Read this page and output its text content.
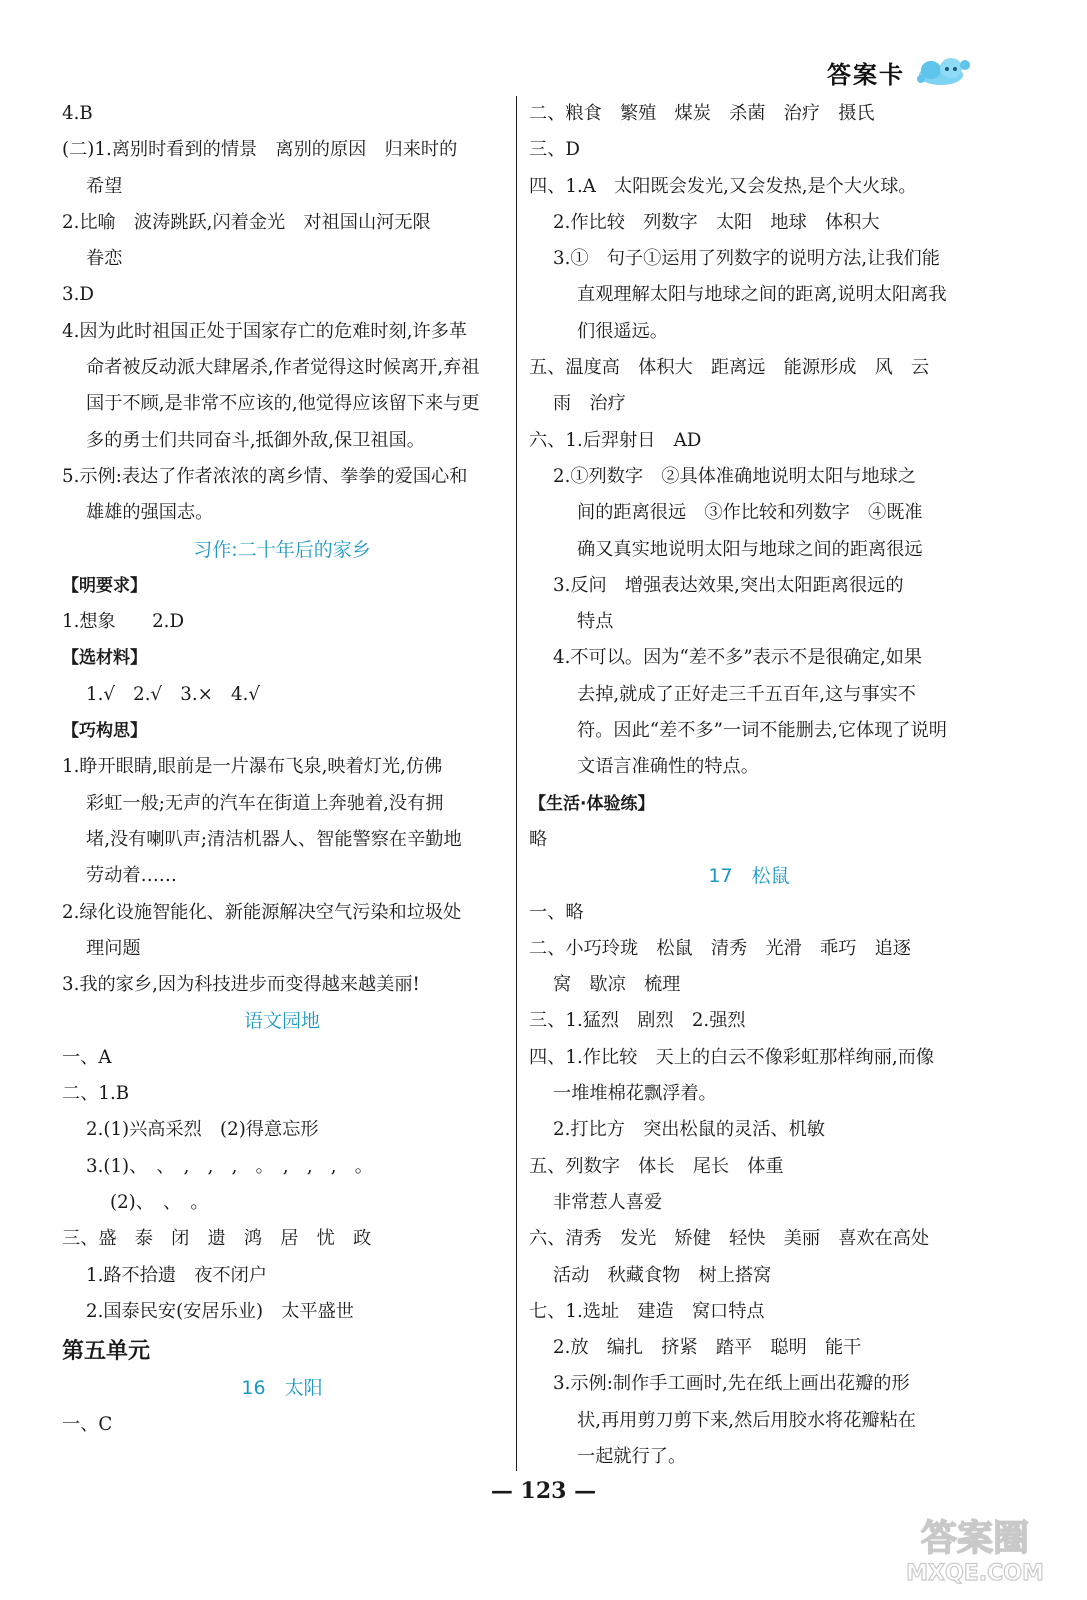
答案卡
4.B
(二)1.离别时看到的情景　离别的原因　归来时的
希望
2.比喻　波涛跳跃,闪着金光　对祖国山河无限
眷恋
3.D
4.因为此时祖国正处于国家存亡的危难时刻,许多革
命者被反动派大肆屠杀,作者觉得这时候离开,弃祖
国于不顾,是非常不应该的,他觉得应该留下来与更
多的勇士们共同奋斗,抵御外敌,保卫祖国。
5.示例:表达了作者浓浓的离乡情、拳拳的爱国心和
雄雄的强国志。
习作:二十年后的家乡
【明要求】
1.想象　　2.D
【选材料】
1.√　2.√　3.×　4.√
【巧构思】
1.睁开眼睛,眼前是一片瀑布飞泉,映着灯光,仿佛
彩虹一般;无声的汽车在街道上奔驰着,没有拥
堵,没有喇叭声;清洁机器人、智能警察在辛勤地
劳动着……
2.绿化设施智能化、新能源解决空气污染和垃圾处
理问题
3.我的家乡,因为科技进步而变得越来越美丽!
语文园地
一、A
二、1.B
2.(1)兴高采烈　(2)得意忘形
3.(1)、　、　,　,　,　。　,　,　,　。
(2)、　、　。
三、盛　泰　闭　遗　鸿　居　忧　政
1.路不拾遗　夜不闭户
2.国泰民安(安居乐业)　太平盛世
第五单元
16　太阳
一、C
二、粮食　繁殖　煤炭　杀菌　治疗　摄氏
三、D
四、1.A　太阳既会发光,又会发热,是个大火球。
2.作比较　列数字　太阳　地球　体积大
3.①　句子①运用了列数字的说明方法,让我们能
直观理解太阳与地球之间的距离,说明太阳离我
们很遥远。
五、温度高　体积大　距离远　能源形成　风　云
雨　治疗
六、1.后羿射日　AD
2.①列数字　②具体准确地说明太阳与地球之
间的距离很远　③作比较和列数字　④既准
确又真实地说明太阳与地球之间的距离很远
3.反问　增强表达效果,突出太阳距离很远的
特点
4.不可以。因为“差不多”表示不是很确定,如果
去掉,就成了正好走三千五百年,这与事实不
符。因此“差不多”一词不能删去,它体现了说明
文语言准确性的特点。
【生活·体验练】
略
17　松鼠
一、略
二、小巧玲珑　松鼠　清秀　光滑　乖巧　追逐
窝　歇凉　梳理
三、1.猛烈　剧烈　2.强烈
四、1.作比较　天上的白云不像彩虹那样绚丽,而像
一堆堆棉花飘浮着。
2.打比方　突出松鼠的灵活、机敏
五、列数字　体长　尾长　体重
非常惹人喜爱
六、清秀　发光　矫健　轻快　美丽　喜欢在高处
活动　秋藏食物　树上搭窝
七、1.选址　建造　窝口特点
2.放　编扎　挤紧　踏平　聪明　能干
3.示例:制作手工画时,先在纸上画出花瓣的形
状,再用剪刀剪下来,然后用胶水将花瓣粘在
一起就行了。
— 123 —
答案圈
MXQE.COM
